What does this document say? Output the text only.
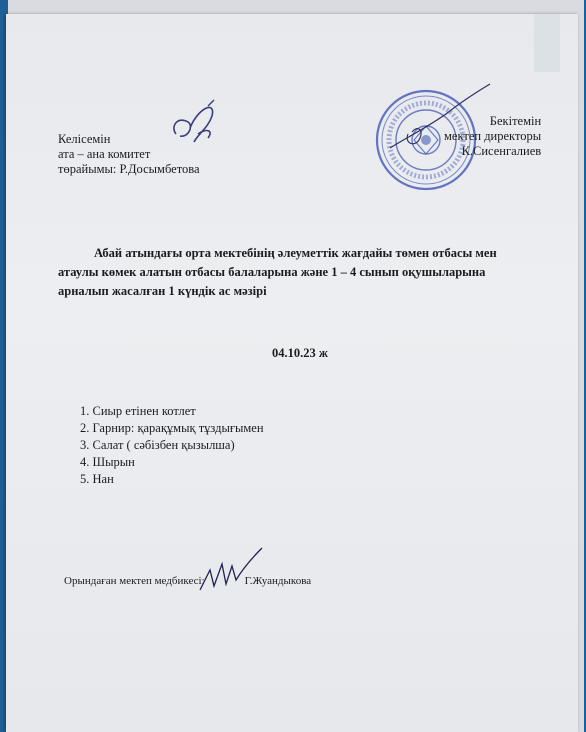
Келісемін
ата – ана комитет
төрайымы: Р.Досымбетова
Бекітемін
мектеп директоры
К.Сисенгалиев

Абай атындағы орта мектебінің әлеуметтік жағдайы төмен отбасы мен

атаулы көмек алатын отбасы балаларына және 1 – 4 сынып оқушыларына

арналып жасалған 1 күндік ас мәзірі

04.10.23 ж
1. Сиыр етінен котлет
2. Гарнир: қарақұмық тұздығымен
3. Салат ( сәбізбен қызылша)
4. Шырын
5. Нан
Орындаған мектеп медбикесі:	Г.Жуандыкова
